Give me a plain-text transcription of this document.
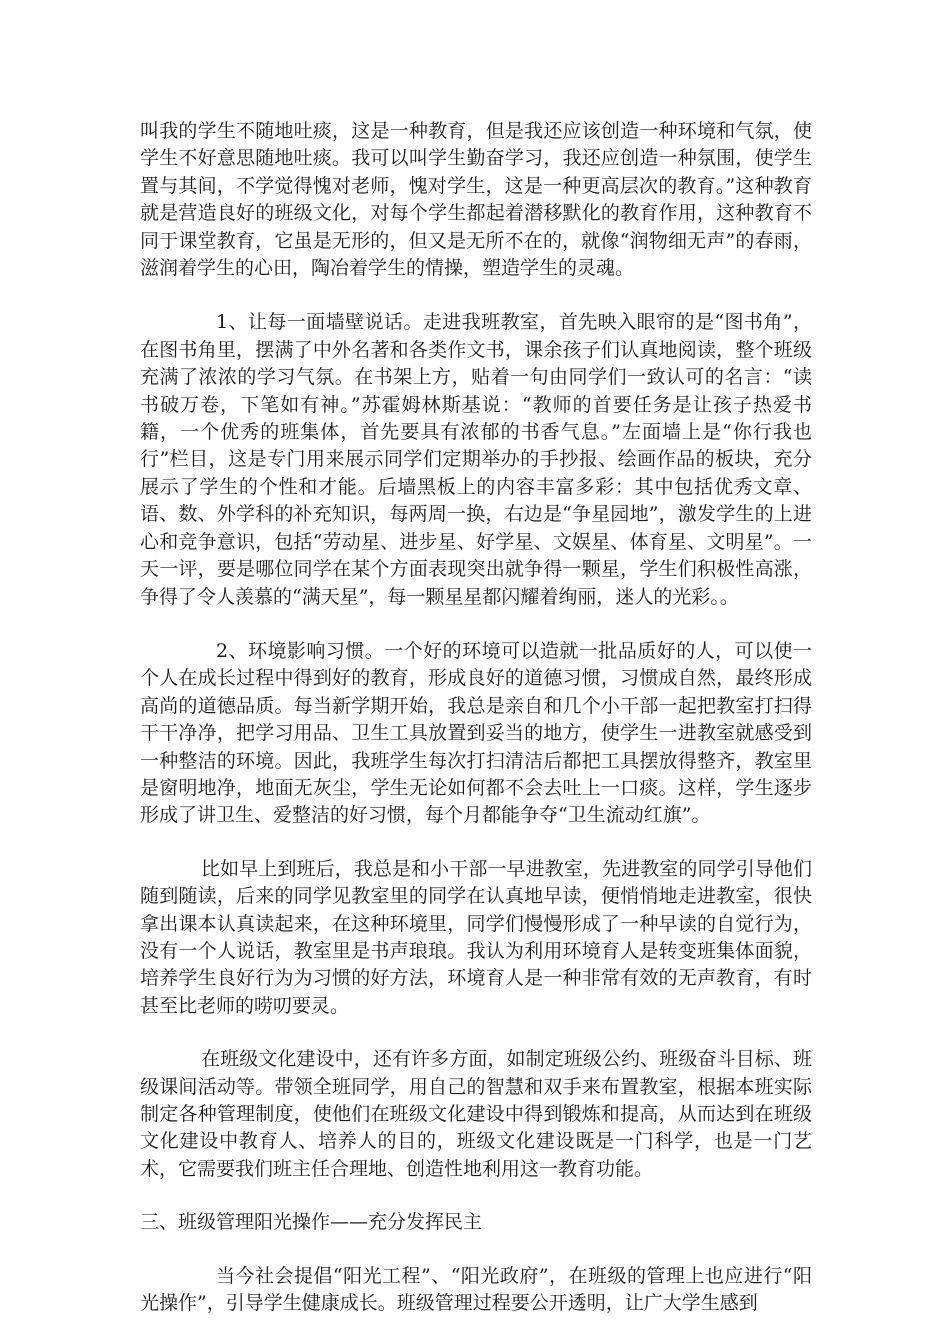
叫我的学生不随地吐痰，这是一种教育，但是我还应该创造一种环境和气氛，使学生不好意思随地吐痰。我可以叫学生勤奋学习，我还应创造一种氛围，使学生置与其间，不学觉得愧对老师，愧对学生，这是一种更高层次的教育。”这种教育就是营造良好的班级文化，对每个学生都起着潜移默化的教育作用，这种教育不同于课堂教育，它虽是无形的，但又是无所不在的，就像“润物细无声”的春雨，滋润着学生的心田，陶冶着学生的情操，塑造学生的灵魂。

1、让每一面墙壁说话。走进我班教室，首先映入眼帘的是“图书角”，在图书角里，摆满了中外名著和各类作文书，课余孩子们认真地阅读，整个班级充满了浓浓的学习气氛。在书架上方，贴着一句由同学们一致认可的名言：“读书破万卷，下笔如有神。”苏霍姆林斯基说：“教师的首要任务是让孩子热爱书籍，一个优秀的班集体，首先要具有浓郁的书香气息。”左面墙上是“你行我也行”栏目，这是专门用来展示同学们定期举办的手抄报、绘画作品的板块，充分展示了学生的个性和才能。后墙黑板上的内容丰富多彩：其中包括优秀文章、语、数、外学科的补充知识，每两周一换，右边是“争星园地”，激发学生的上进心和竞争意识，包括“劳动星、进步星、好学星、文娱星、体育星、文明星”。一天一评，要是哪位同学在某个方面表现突出就争得一颗星，学生们积极性高涨，争得了令人羡慕的“满天星”，每一颗星星都闪耀着绚丽，迷人的光彩。。

2、环境影响习惯。一个好的环境可以造就一批品质好的人，可以使一个人在成长过程中得到好的教育，形成良好的道德习惯，习惯成自然，最终形成高尚的道德品质。每当新学期开始，我总是亲自和几个小干部一起把教室打扫得干干净净，把学习用品、卫生工具放置到妥当的地方，使学生一进教室就感受到一种整洁的环境。因此，我班学生每次打扫清洁后都把工具摆放得整齐，教室里是窗明地净，地面无灰尘，学生无论如何都不会去吐上一口痰。这样，学生逐步形成了讲卫生、爱整洁的好习惯，每个月都能争夺“卫生流动红旗”。

比如早上到班后，我总是和小干部一早进教室，先进教室的同学引导他们随到随读，后来的同学见教室里的同学在认真地早读，便悄悄地走进教室，很快拿出课本认真读起来，在这种环境里，同学们慢慢形成了一种早读的自觉行为，没有一个人说话，教室里是书声琅琅。我认为利用环境育人是转变班集体面貌，培养学生良好行为为习惯的好方法，环境育人是一种非常有效的无声教育，有时甚至比老师的唠叨要灵。

在班级文化建设中，还有许多方面，如制定班级公约、班级奋斗目标、班级课间活动等。带领全班同学，用自己的智慧和双手来布置教室，根据本班实际制定各种管理制度，使他们在班级文化建设中得到锻炼和提高，从而达到在班级文化建设中教育人、培养人的目的，班级文化建设既是一门科学，也是一门艺术，它需要我们班主任合理地、创造性地利用这一教育功能。

三、班级管理阳光操作——充分发挥民主

当今社会提倡“阳光工程”、“阳光政府”，在班级的管理上也应进行“阳光操作”，引导学生健康成长。班级管理过程要公开透明，让广大学生感到
